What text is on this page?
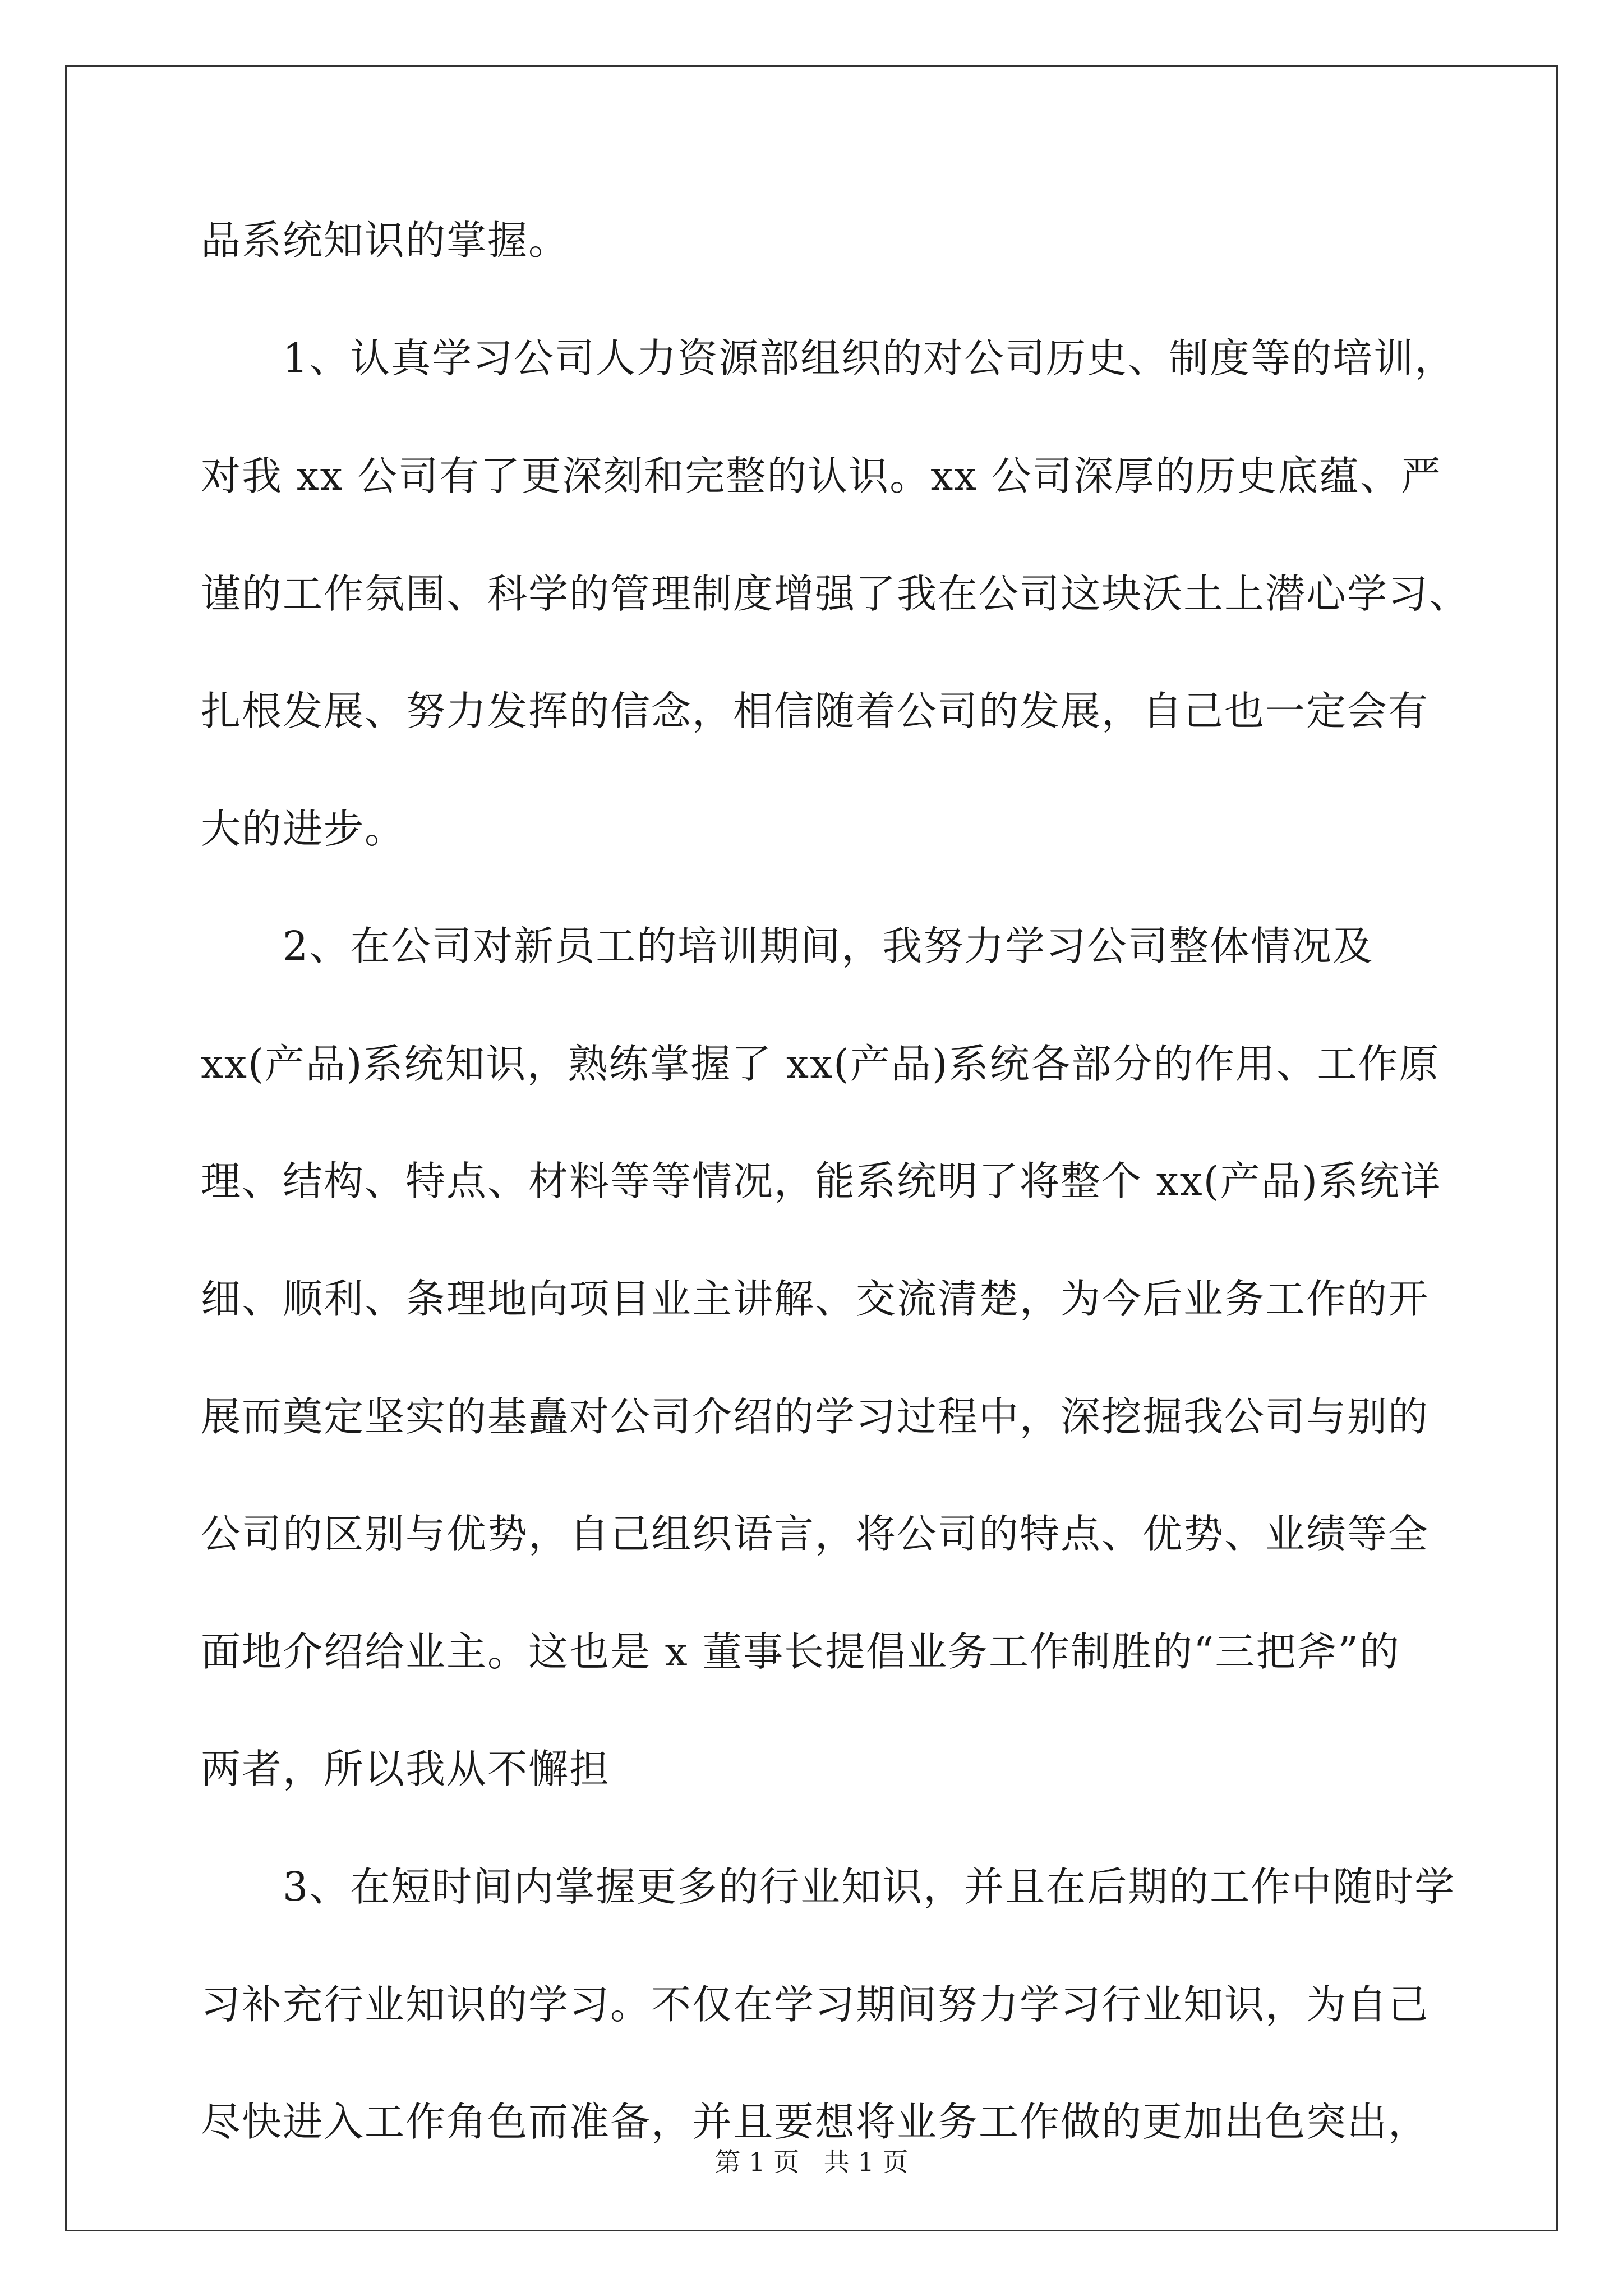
品系统知识的掌握。
　　1、认真学习公司人力资源部组织的对公司历史、制度等的培训，
对我 xx 公司有了更深刻和完整的认识。xx 公司深厚的历史底蕴、严
谨的工作氛围、科学的管理制度增强了我在公司这块沃土上潜心学习、
扎根发展、努力发挥的信念，相信随着公司的发展，自己也一定会有
大的进步。
　　2、在公司对新员工的培训期间，我努力学习公司整体情况及
xx(产品)系统知识，熟练掌握了 xx(产品)系统各部分的作用、工作原
理、结构、特点、材料等等情况，能系统明了将整个 xx(产品)系统详
细、顺利、条理地向项目业主讲解、交流清楚，为今后业务工作的开
展而奠定坚实的基矗对公司介绍的学习过程中，深挖掘我公司与别的
公司的区别与优势，自己组织语言，将公司的特点、优势、业绩等全
面地介绍给业主。这也是 x 董事长提倡业务工作制胜的“三把斧”的
两者，所以我从不懈担
　　3、在短时间内掌握更多的行业知识，并且在后期的工作中随时学
习补充行业知识的学习。不仅在学习期间努力学习行业知识，为自己
尽快进入工作角色而准备，并且要想将业务工作做的更加出色突出，
第 1 页   共 1 页
